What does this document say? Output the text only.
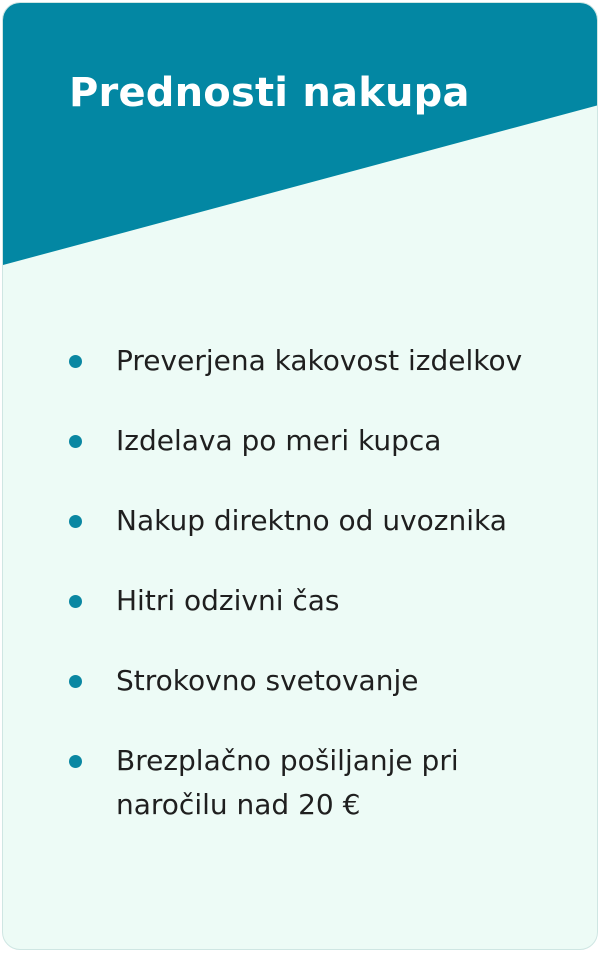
Prednosti nakupa
Preverjena kakovost izdelkov
Izdelava po meri kupca
Nakup direktno od uvoznika
Hitri odzivni čas
Strokovno svetovanje
Brezplačno pošiljanje pri naročilu nad 20 €
